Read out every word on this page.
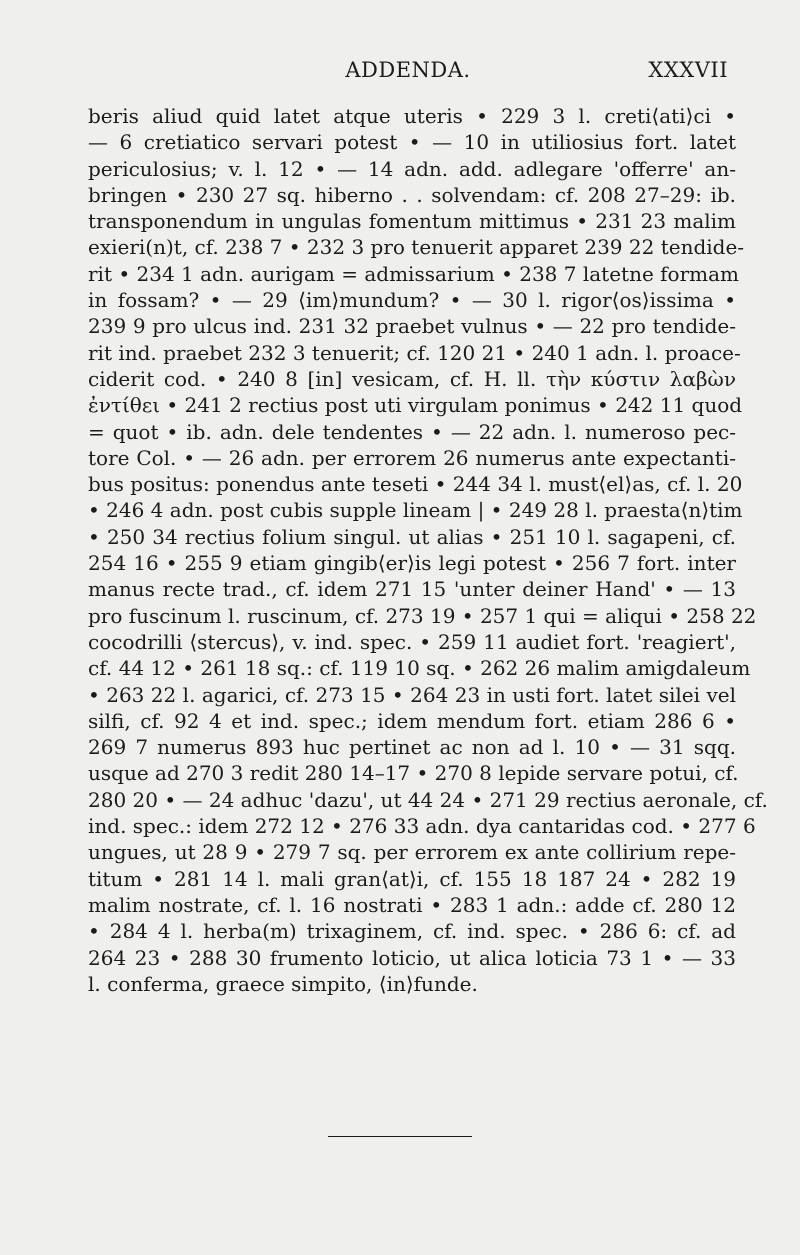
ADDENDA.	XXXVII
beris aliud quid latet atque uteris • 229 3 l. creti⟨ati⟩ci •
— 6 cretiatico servari potest • — 10 in utiliosius fort. latet
periculosius; v. l. 12 • — 14 adn. add. adlegare 'offerre' an-
bringen • 230 27 sq. hiberno . . solvendam: cf. 208 27–29: ib.
transponendum in ungulas fomentum mittimus • 231 23 malim
exieri(n)t, cf. 238 7 • 232 3 pro tenuerit apparet 239 22 tendide-
rit • 234 1 adn. aurigam = admissarium • 238 7 latetne formam
in fossam? • — 29 ⟨im⟩mundum? • — 30 l. rigor⟨os⟩issima •
239 9 pro ulcus ind. 231 32 praebet vulnus • — 22 pro tendide-
rit ind. praebet 232 3 tenuerit; cf. 120 21 • 240 1 adn. l. proace-
ciderit cod. • 240 8 [in] vesicam, cf. H. ll. τὴν κύστιν λαβὼν
ἐντίθει • 241 2 rectius post uti virgulam ponimus • 242 11 quod
= quot • ib. adn. dele tendentes • — 22 adn. l. numeroso pec-
tore Col. • — 26 adn. per errorem 26 numerus ante expectanti-
bus positus: ponendus ante teseti • 244 34 l. must⟨el⟩as, cf. l. 20
• 246 4 adn. post cubis supple lineam | • 249 28 l. praesta⟨n⟩tim
• 250 34 rectius folium singul. ut alias • 251 10 l. sagapeni, cf.
254 16 • 255 9 etiam gingib⟨er⟩is legi potest • 256 7 fort. inter
manus recte trad., cf. idem 271 15 'unter deiner Hand' • — 13
pro fuscinum l. ruscinum, cf. 273 19 • 257 1 qui = aliqui • 258 22
cocodrilli ⟨stercus⟩, v. ind. spec. • 259 11 audiet fort. 'reagiert',
cf. 44 12 • 261 18 sq.: cf. 119 10 sq. • 262 26 malim amigdaleum
• 263 22 l. agarici, cf. 273 15 • 264 23 in usti fort. latet silei vel
silfi, cf. 92 4 et ind. spec.; idem mendum fort. etiam 286 6 •
269 7 numerus 893 huc pertinet ac non ad l. 10 • — 31 sqq.
usque ad 270 3 redit 280 14–17 • 270 8 lepide servare potui, cf.
280 20 • — 24 adhuc 'dazu', ut 44 24 • 271 29 rectius aeronale, cf.
ind. spec.: idem 272 12 • 276 33 adn. dya cantaridas cod. • 277 6
ungues, ut 28 9 • 279 7 sq. per errorem ex ante collirium repe-
titum • 281 14 l. mali gran⟨at⟩i, cf. 155 18 187 24 • 282 19
malim nostrate, cf. l. 16 nostrati • 283 1 adn.: adde cf. 280 12
• 284 4 l. herba(m) trixaginem, cf. ind. spec. • 286 6: cf. ad
264 23 • 288 30 frumento loticio, ut alica loticia 73 1 • — 33
l. conferma, graece simpito, ⟨in⟩funde.
